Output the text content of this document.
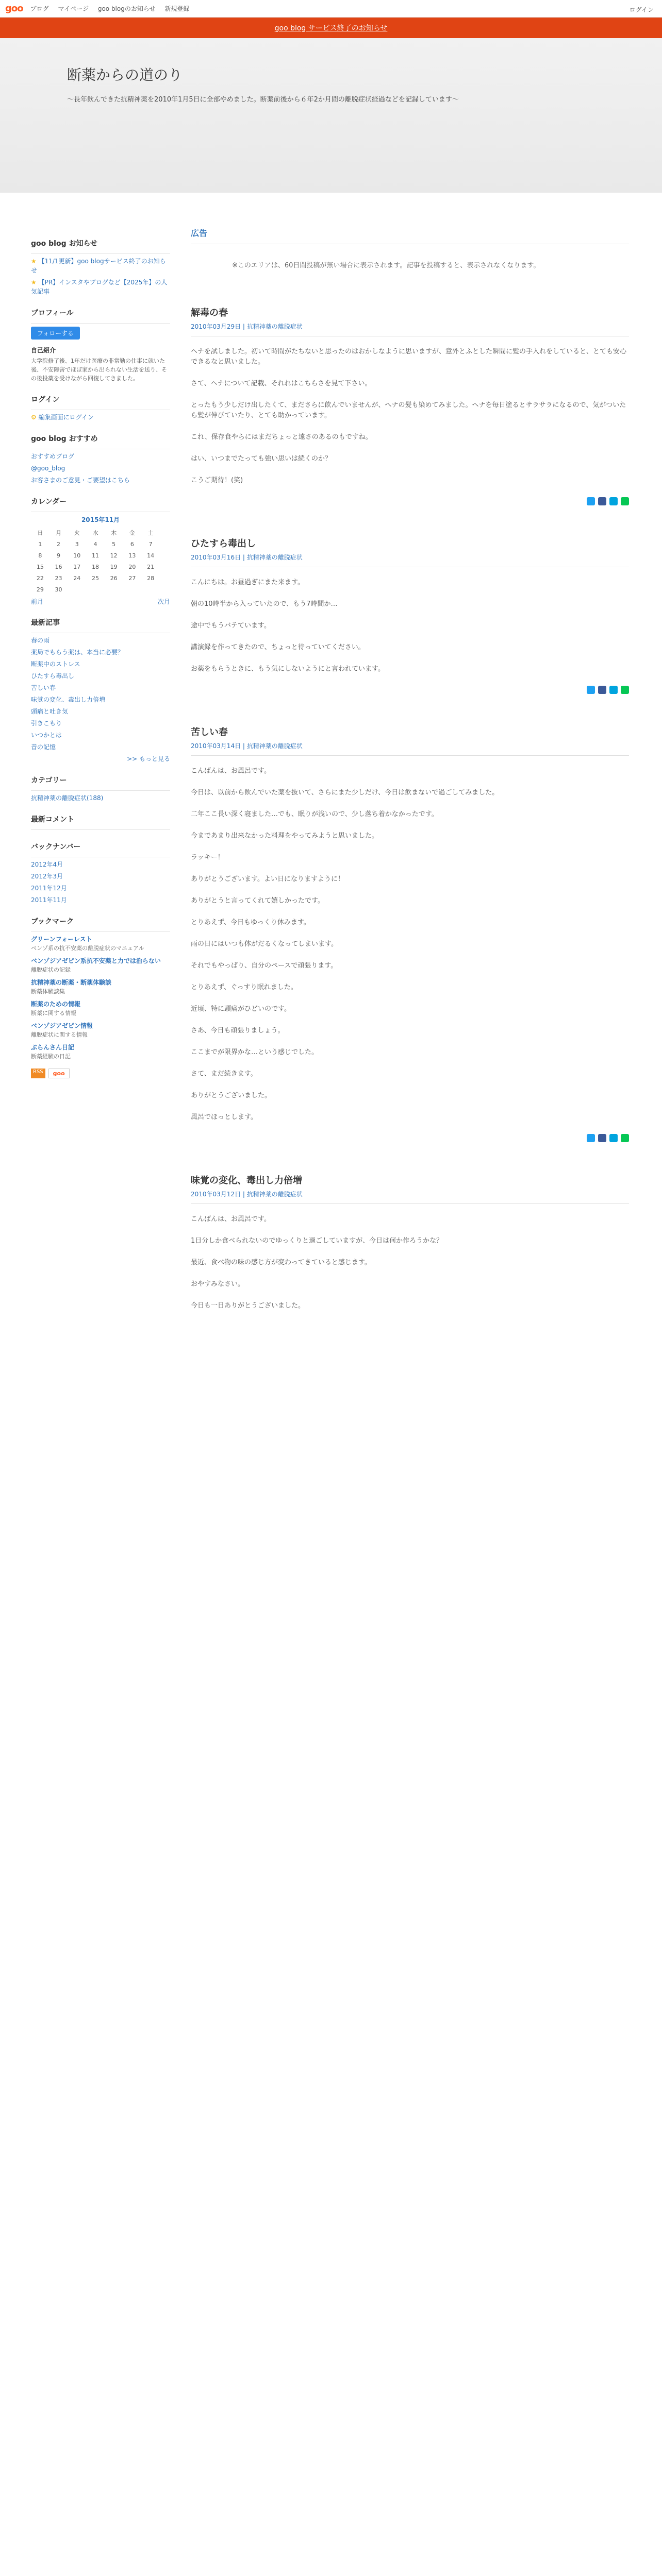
goo ブログ マイページ goo blogのお知らせ 新規登録	ログイン
goo blog サービス終了のお知らせ
断薬からの道のり
～長年飲んできた抗精神薬を2010年1月5日に全部やめました。断薬前後から６年2か月間の離脱症状経過などを記録しています～
goo blog お知らせ
★ 【11/1更新】goo blogサービス終了のお知らせ
★ 【PR】インスタやブログなど【2025年】の人気記事
プロフィール
フォローする
自己紹介
大学院修了後、1年だけ医療の非常勤の仕事に就いた後、不安障害でほぼ家から出られない生活を送り、その後投薬を受けながら回復してきました。
ログイン
⚙ 編集画面にログイン
goo blog おすすめ
おすすめブログ
@goo_blog
お客さまのご意見・ご要望はこちら
カレンダー
2015年11月
日	月	火	水	木	金	土
1	2	3	4	5	6	7
8	9	10	11	12	13	14
15	16	17	18	19	20	21
22	23	24	25	26	27	28
29	30					
前月	次月
最新記事
春の雨
薬局でもらう薬は、本当に必要？
断薬中のストレス
ひたすら毒出し
苦しい春
味覚の変化、毒出し力倍増
頭痛と吐き気
引きこもり
いつかとは
昔の記憶
>> もっと見る
カテゴリー
抗精神薬の離脱症状(188)
最新コメント
バックナンバー
2012年4月
2012年3月
2011年12月
2011年11月
ブックマーク
グリーンフォーレスト
ベンゾ系の抗不安薬の離脱症状のマニュアル
ベンゾジアゼピン系抗不安薬と力では治らない
離脱症状の記録
抗精神薬の断薬・断薬体験談
断薬体験談集
断薬のための情報
断薬に関する情報
ベンゾジアゼピン情報
離脱症状に関する情報
ぶらんさん日記
断薬経験の日記
RSS	goo
広告
※このエリアは、60日間投稿が無い場合に表示されます。記事を投稿すると、表示されなくなります。
解毒の春
2010年03月29日 | 抗精神薬の離脱症状

ヘナを試しました。初いて時間がたちないと思ったのはおかしなように思いますが、意外とふとした瞬間に髪の手入れをしていると、とても安心できるなと思いました。

さて、ヘナについて記載、それれはこちらさを見て下さい。

とったもう少しだけ出したくて、まださらに飲んでいませんが、へナの髪も染めてみました。ヘナを毎日塗るとサラサラになるので、気がついたら髪が伸びていたり、とても助かっています。

これ、保存食やらにはまだちょっと遠さのあるのもですね。

はい、いつまでたっても強い思いは続くのか？

こうご期待！(笑)

ひたすら毒出し
2010年03月16日 | 抗精神薬の離脱症状

こんにちは。お昼過ぎにまた来ます。

朝の10時半から入っていたので、もう7時間か…

途中でもうバテています。

講演録を作ってきたので、ちょっと待っていてください。

お薬をもらうときに、もう気にしないようにと言われています。

苦しい春
2010年03月14日 | 抗精神薬の離脱症状

こんばんは、お風呂です。

今日は、以前から飲んでいた薬を抜いて、さらにまた少しだけ、今日は飲まないで過ごしてみました。

二年ここ長い深く寝ました…でも、眠りが浅いので、少し落ち着かなかったです。

今まであまり出来なかった料理をやってみようと思いました。

ラッキー！

ありがとうございます。よい日になりますように！

ありがとうと言ってくれて嬉しかったです。

とりあえず、今日もゆっくり休みます。

雨の日にはいつも体がだるくなってしまいます。

それでもやっぱり、自分のペースで頑張ります。

とりあえず、ぐっすり眠れました。

近頃、特に頭痛がひどいのです。

さあ、今日も頑張りましょう。

ここまでが限界かな…という感じでした。

さて、まだ続きます。

ありがとうございました。

風呂でほっとします。

味覚の変化、毒出し力倍増
2010年03月12日 | 抗精神薬の離脱症状

こんばんは、お風呂です。

1日分しか食べられないのでゆっくりと過ごしていますが、今日は何か作ろうかな？

最近、食べ物の味の感じ方が変わってきていると感じます。

おやすみなさい。

今日も一日ありがとうございました。
